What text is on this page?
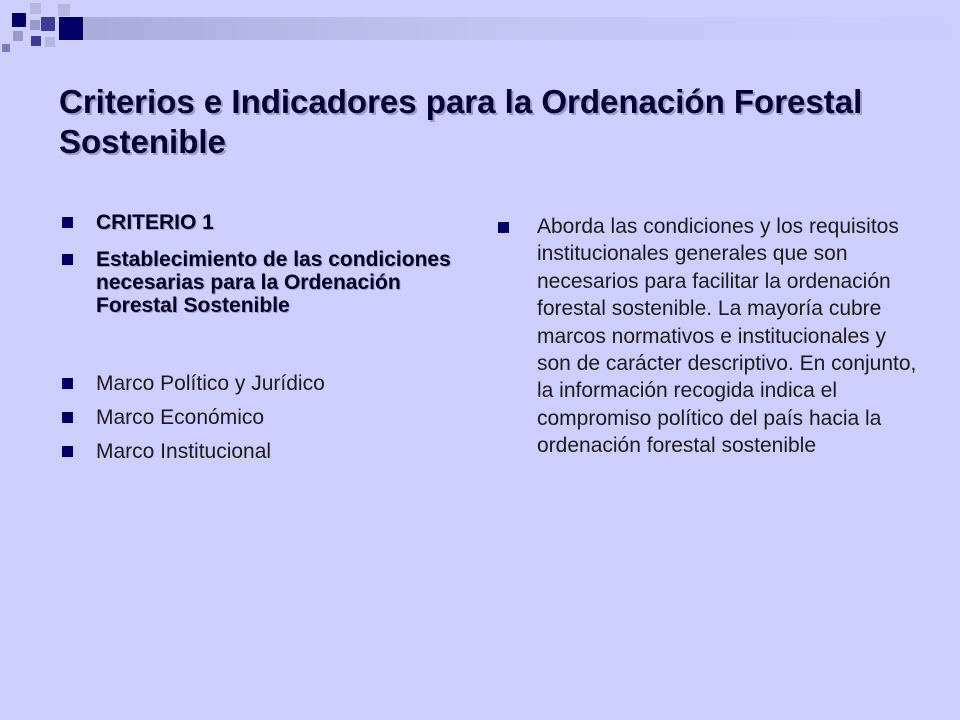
Criterios e Indicadores para la Ordenación Forestal Sostenible
CRITERIO 1
Establecimiento de las condiciones necesarias para la Ordenación Forestal Sostenible
Marco Político y Jurídico
Marco Económico
Marco Institucional
Aborda las condiciones y los requisitos institucionales generales que son necesarios para facilitar la ordenación forestal sostenible. La mayoría cubre marcos normativos e institucionales y son de carácter descriptivo. En conjunto, la información recogida indica el compromiso político del país hacia la ordenación forestal sostenible
